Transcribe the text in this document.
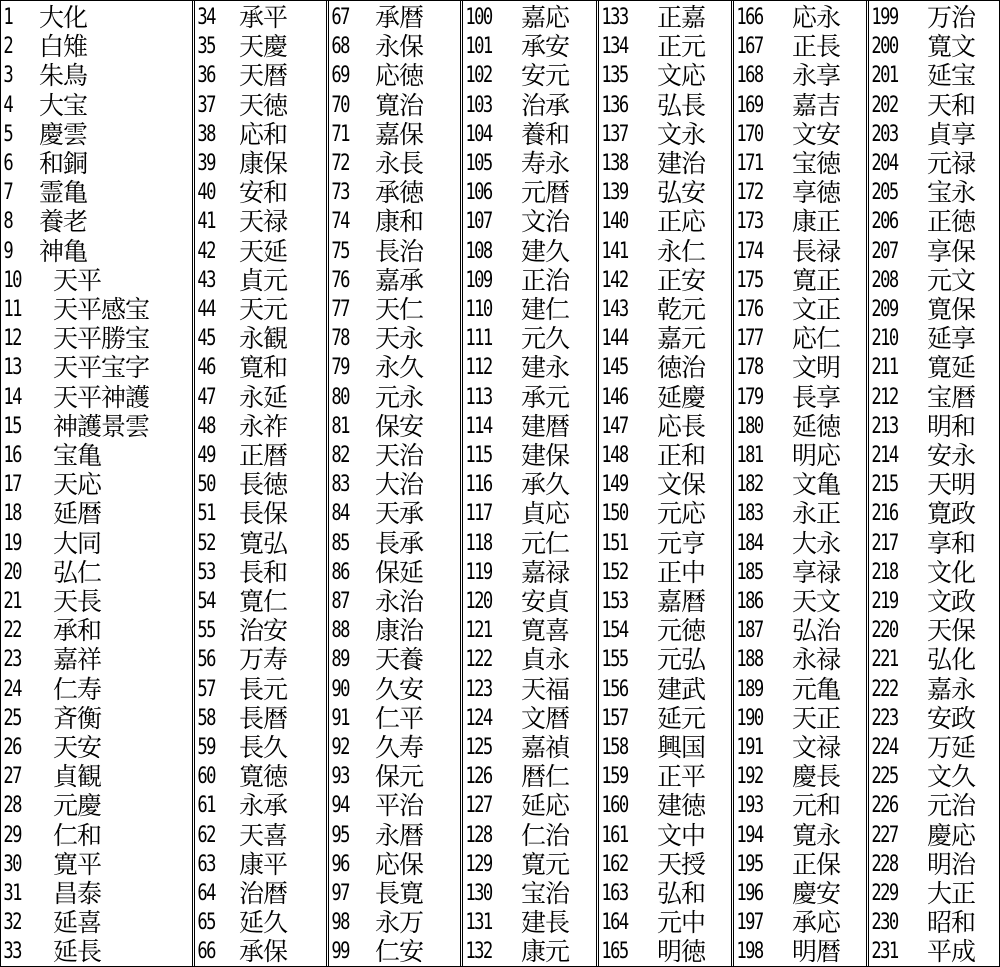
1 大化
2 白雉
3 朱鳥
4 大宝
5 慶雲
6 和銅
7 霊亀
8 養老
9 神亀
10 天平
11 天平感宝
12 天平勝宝
13 天平宝字
14 天平神護
15 神護景雲
16 宝亀
17 天応
18 延暦
19 大同
20 弘仁
21 天長
22 承和
23 嘉祥
24 仁寿
25 斉衡
26 天安
27 貞観
28 元慶
29 仁和
30 寛平
31 昌泰
32 延喜
33 延長
34 承平
35 天慶
36 天暦
37 天徳
38 応和
39 康保
40 安和
41 天禄
42 天延
43 貞元
44 天元
45 永観
46 寛和
47 永延
48 永祚
49 正暦
50 長徳
51 長保
52 寛弘
53 長和
54 寛仁
55 治安
56 万寿
57 長元
58 長暦
59 長久
60 寛徳
61 永承
62 天喜
63 康平
64 治暦
65 延久
66 承保
67 承暦
68 永保
69 応徳
70 寛治
71 嘉保
72 永長
73 承徳
74 康和
75 長治
76 嘉承
77 天仁
78 天永
79 永久
80 元永
81 保安
82 天治
83 大治
84 天承
85 長承
86 保延
87 永治
88 康治
89 天養
90 久安
91 仁平
92 久寿
93 保元
94 平治
95 永暦
96 応保
97 長寛
98 永万
99 仁安
100 嘉応
101 承安
102 安元
103 治承
104 養和
105 寿永
106 元暦
107 文治
108 建久
109 正治
110 建仁
111 元久
112 建永
113 承元
114 建暦
115 建保
116 承久
117 貞応
118 元仁
119 嘉禄
120 安貞
121 寛喜
122 貞永
123 天福
124 文暦
125 嘉禎
126 暦仁
127 延応
128 仁治
129 寛元
130 宝治
131 建長
132 康元
133 正嘉
134 正元
135 文応
136 弘長
137 文永
138 建治
139 弘安
140 正応
141 永仁
142 正安
143 乾元
144 嘉元
145 徳治
146 延慶
147 応長
148 正和
149 文保
150 元応
151 元亨
152 正中
153 嘉暦
154 元徳
155 元弘
156 建武
157 延元
158 興国
159 正平
160 建徳
161 文中
162 天授
163 弘和
164 元中
165 明徳
166 応永
167 正長
168 永享
169 嘉吉
170 文安
171 宝徳
172 享徳
173 康正
174 長禄
175 寛正
176 文正
177 応仁
178 文明
179 長享
180 延徳
181 明応
182 文亀
183 永正
184 大永
185 享禄
186 天文
187 弘治
188 永禄
189 元亀
190 天正
191 文禄
192 慶長
193 元和
194 寛永
195 正保
196 慶安
197 承応
198 明暦
199 万治
200 寛文
201 延宝
202 天和
203 貞享
204 元禄
205 宝永
206 正徳
207 享保
208 元文
209 寛保
210 延享
211 寛延
212 宝暦
213 明和
214 安永
215 天明
216 寛政
217 享和
218 文化
219 文政
220 天保
221 弘化
222 嘉永
223 安政
224 万延
225 文久
226 元治
227 慶応
228 明治
229 大正
230 昭和
231 平成
